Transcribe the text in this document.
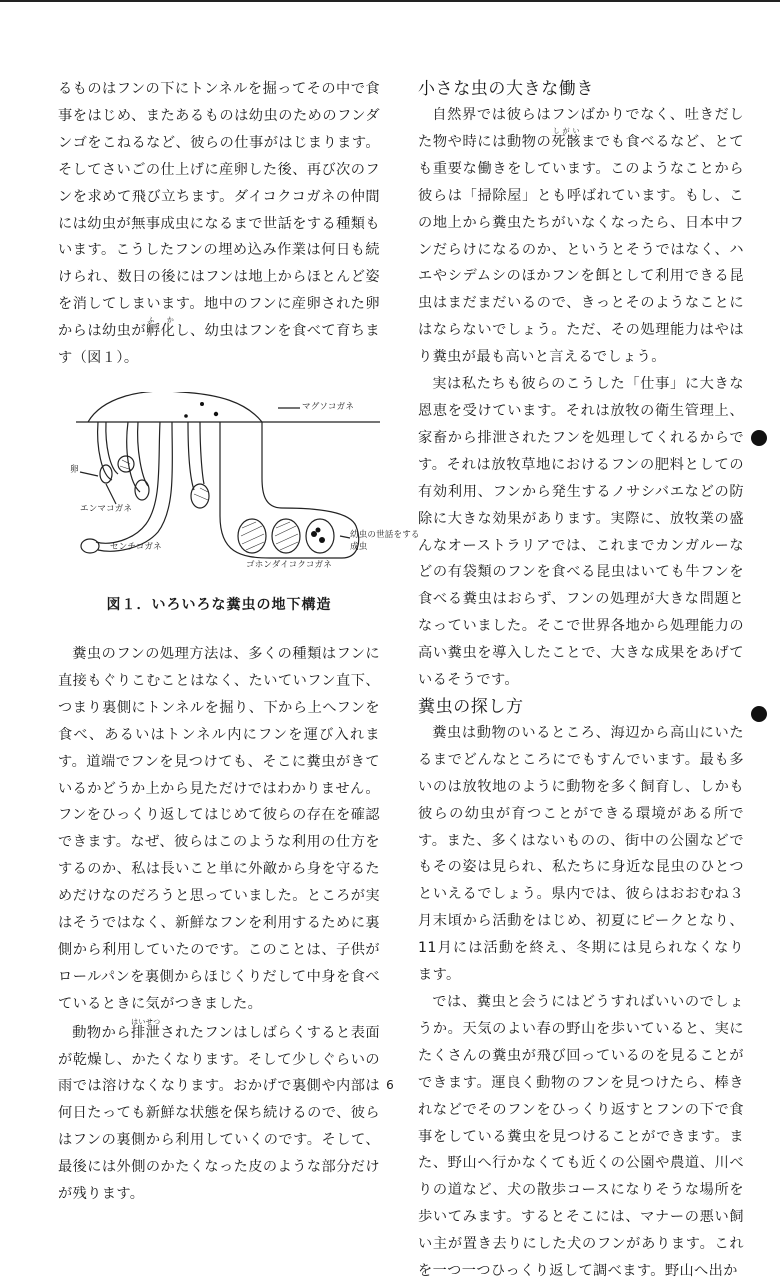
るものはフンの下にトンネルを掘ってその中で食事をはじめ、またあるものは幼虫のためのフンダンゴをこねるなど、彼らの仕事がはじまります。そしてさいごの仕上げに産卵した後、再び次のフンを求めて飛び立ちます。ダイコクコガネの仲間には幼虫が無事成虫になるまで世話をする種類もいます。こうしたフンの埋め込み作業は何日も続けられ、数日の後にはフンは地上からほとんど姿を消してしまいます。地中のフンに産卵された卵からは幼虫が孵化ふ　かし、幼虫はフンを食べて育ちます（図１）。

マグソコガネ
卵
エンマコガネ
幼虫の世話をする
成虫
センチコガネ
ゴホンダイコクコガネ

図１．いろいろな糞虫の地下構造

糞虫のフンの処理方法は、多くの種類はフンに直接もぐりこむことはなく、たいていフン直下、つまり裏側にトンネルを掘り、下から上へフンを食べ、あるいはトンネル内にフンを運び入れます。道端でフンを見つけても、そこに糞虫がきているかどうか上から見ただけではわかりません。フンをひっくり返してはじめて彼らの存在を確認できます。なぜ、彼らはこのような利用の仕方をするのか、私は長いこと単に外敵から身を守るためだけなのだろうと思っていました。ところが実はそうではなく、新鮮なフンを利用するために裏側から利用していたのです。このことは、子供がロールパンを裏側からほじくりだして中身を食べているときに気がつきました。

動物から排泄はいせつされたフンはしばらくすると表面が乾燥し、かたくなります。そして少しぐらいの雨では溶けなくなります。おかげで裏側や内部は何日たっても新鮮な状態を保ち続けるので、彼らはフンの裏側から利用していくのです。そして、最後には外側のかたくなった皮のような部分だけが残ります。

小さな虫の大きな働き

自然界では彼らはフンばかりでなく、吐きだした物や時には動物の死骸しがいまでも食べるなど、とても重要な働きをしています。このようなことから彼らは「掃除屋」とも呼ばれています。もし、この地上から糞虫たちがいなくなったら、日本中フンだらけになるのか、というとそうではなく、ハエやシデムシのほかフンを餌として利用できる昆虫はまだまだいるので、きっとそのようなことにはならないでしょう。ただ、その処理能力はやはり糞虫が最も高いと言えるでしょう。

実は私たちも彼らのこうした「仕事」に大きな恩恵を受けています。それは放牧の衛生管理上、家畜から排泄されたフンを処理してくれるからです。それは放牧草地におけるフンの肥料としての有効利用、フンから発生するノサシバエなどの防除に大きな効果があります。実際に、放牧業の盛んなオーストラリアでは、これまでカンガルーなどの有袋類のフンを食べる昆虫はいても牛フンを食べる糞虫はおらず、フンの処理が大きな問題となっていました。そこで世界各地から処理能力の高い糞虫を導入したことで、大きな成果をあげているそうです。

糞虫の探し方

糞虫は動物のいるところ、海辺から高山にいたるまでどんなところにでもすんでいます。最も多いのは放牧地のように動物を多く飼育し、しかも彼らの幼虫が育つことができる環境がある所です。また、多くはないものの、街中の公園などでもその姿は見られ、私たちに身近な昆虫のひとつといえるでしょう。県内では、彼らはおおむね３月末頃から活動をはじめ、初夏にピークとなり、11月には活動を終え、冬期には見られなくなります。

では、糞虫と会うにはどうすればいいのでしょうか。天気のよい春の野山を歩いていると、実にたくさんの糞虫が飛び回っているのを見ることができます。運良く動物のフンを見つけたら、棒きれなどでそのフンをひっくり返すとフンの下で食事をしている糞虫を見つけることができます。また、野山へ行かなくても近くの公園や農道、川べりの道など、犬の散歩コースになりそうな場所を歩いてみます。するとそこには、マナーの悪い飼い主が置き去りにした犬のフンがあります。これを一つ一つひっくり返して調べます。野山へ出か

6
